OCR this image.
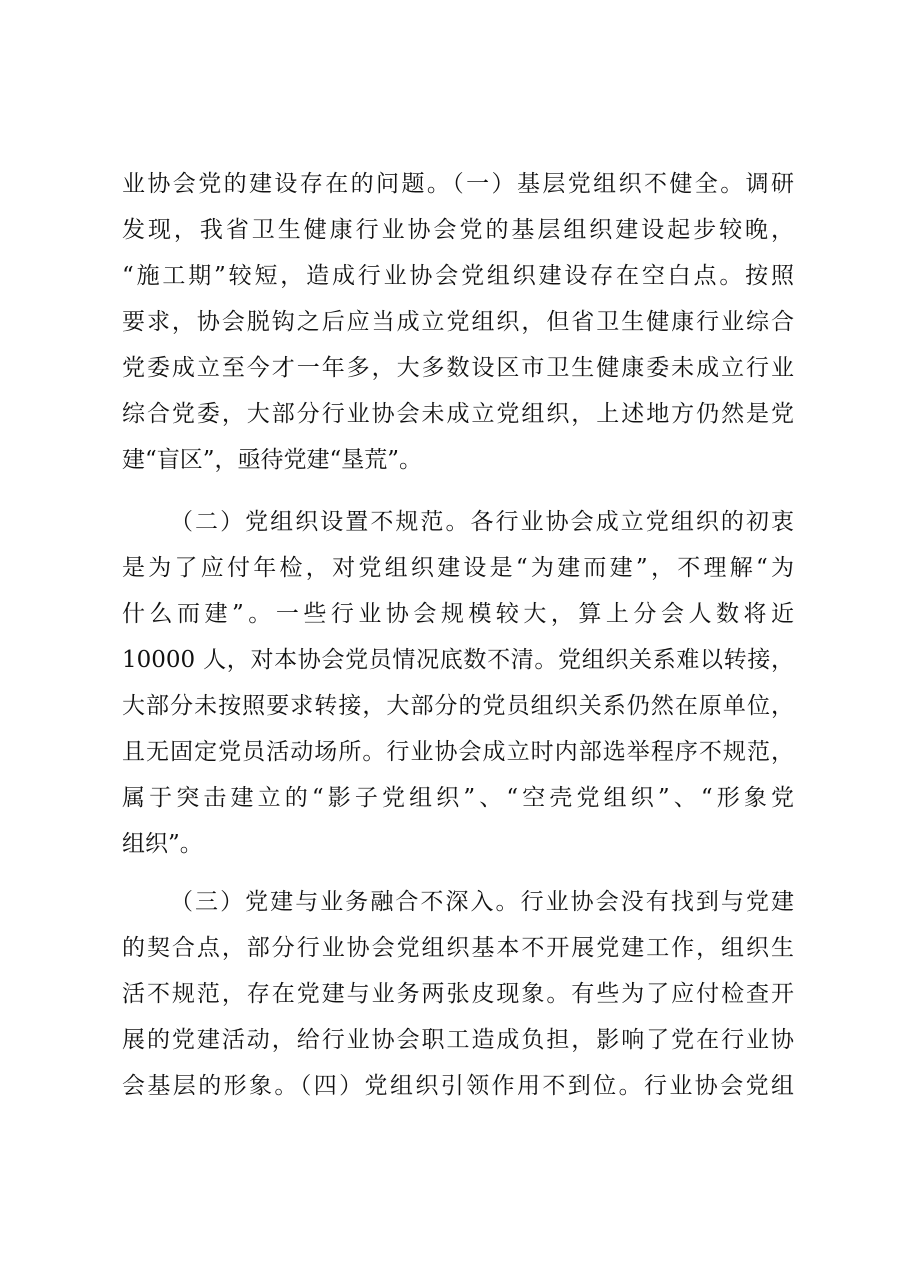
业协会党的建设存在的问题。（一）基层党组织不健全。调研
发现，我省卫生健康行业协会党的基层组织建设起步较晚，
“施工期”较短，造成行业协会党组织建设存在空白点。按照
要求，协会脱钩之后应当成立党组织，但省卫生健康行业综合
党委成立至今才一年多，大多数设区市卫生健康委未成立行业
综合党委，大部分行业协会未成立党组织，上述地方仍然是党
建“盲区”，亟待党建“垦荒”。
（二）党组织设置不规范。各行业协会成立党组织的初衷
是为了应付年检，对党组织建设是“为建而建”，不理解“为
什么而建”。一些行业协会规模较大，算上分会人数将近
10000 人，对本协会党员情况底数不清。党组织关系难以转接，
大部分未按照要求转接，大部分的党员组织关系仍然在原单位，
且无固定党员活动场所。行业协会成立时内部选举程序不规范，
属于突击建立的“影子党组织”、“空壳党组织”、“形象党
组织”。
（三）党建与业务融合不深入。行业协会没有找到与党建
的契合点，部分行业协会党组织基本不开展党建工作，组织生
活不规范，存在党建与业务两张皮现象。有些为了应付检查开
展的党建活动，给行业协会职工造成负担，影响了党在行业协
会基层的形象。（四）党组织引领作用不到位。行业协会党组
